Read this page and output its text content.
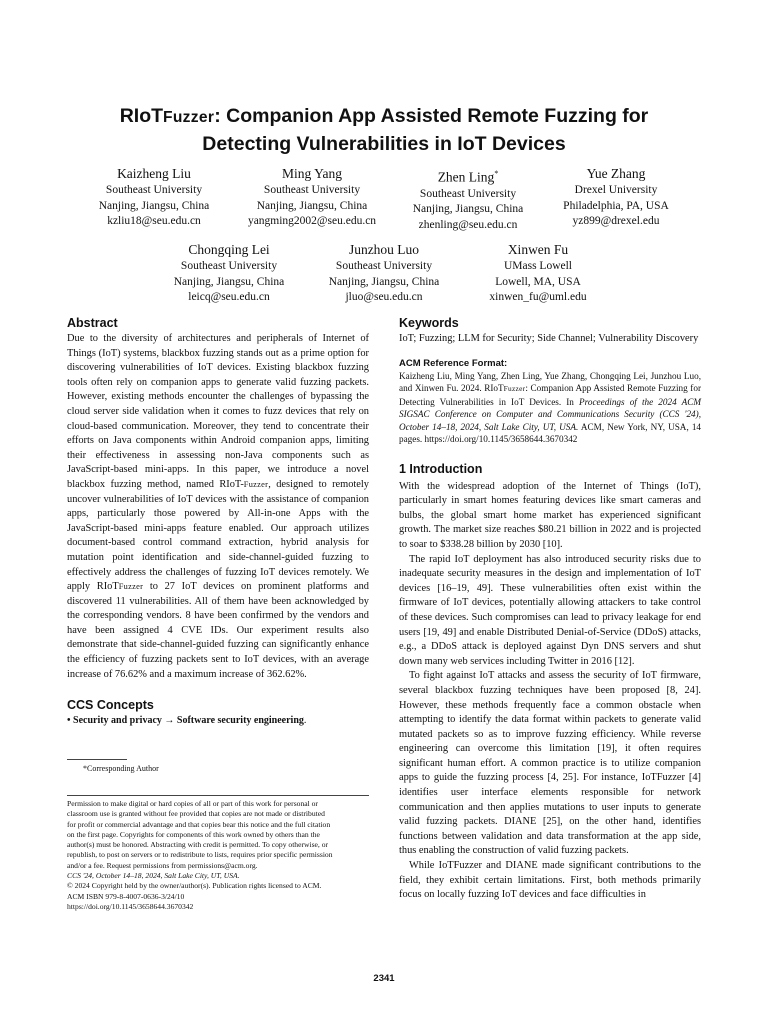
RIoTFuzzer: Companion App Assisted Remote Fuzzing for
Detecting Vulnerabilities in IoT Devices
Kaizheng Liu
Southeast University
Nanjing, Jiangsu, China
kzliu18@seu.edu.cn
Ming Yang
Southeast University
Nanjing, Jiangsu, China
yangming2002@seu.edu.cn
Zhen Ling*
Southeast University
Nanjing, Jiangsu, China
zhenling@seu.edu.cn
Yue Zhang
Drexel University
Philadelphia, PA, USA
yz899@drexel.edu
Chongqing Lei
Southeast University
Nanjing, Jiangsu, China
leicq@seu.edu.cn
Junzhou Luo
Southeast University
Nanjing, Jiangsu, China
jluo@seu.edu.cn
Xinwen Fu
UMass Lowell
Lowell, MA, USA
xinwen_fu@uml.edu
Abstract

Due to the diversity of architectures and peripherals of Internet of Things (IoT) systems, blackbox fuzzing stands out as a prime option for discovering vulnerabilities of IoT devices. Existing blackbox fuzzing tools often rely on companion apps to generate valid fuzzing packets. However, existing methods encounter the challenges of bypassing the cloud server side validation when it comes to fuzz devices that rely on cloud-based communication. Moreover, they tend to concentrate their efforts on Java components within Android companion apps, limiting their effectiveness in assessing non-Java components such as JavaScript-based mini-apps. In this paper, we introduce a novel blackbox fuzzing method, named RIoT-Fuzzer, designed to remotely uncover vulnerabilities of IoT devices with the assistance of companion apps, particularly those powered by All-in-one Apps with the JavaScript-based mini-apps feature enabled. Our approach utilizes document-based control command extraction, hybrid analysis for mutation point identification and side-channel-guided fuzzing to effectively address the challenges of fuzzing IoT devices remotely. We apply RIoTFuzzer to 27 IoT devices on prominent platforms and discovered 11 vulnerabilities. All of them have been acknowledged by the corresponding vendors. 8 have been confirmed by the vendors and have been assigned 4 CVE IDs. Our experiment results also demonstrate that side-channel-guided fuzzing can significantly enhance the efficiency of fuzzing packets sent to IoT devices, with an average increase of 76.62% and a maximum increase of 362.62%.

CCS Concepts

• Security and privacy → Software security engineering.

*Corresponding Author
Permission to make digital or hard copies of all or part of this work for personal or
classroom use is granted without fee provided that copies are not made or distributed
for profit or commercial advantage and that copies bear this notice and the full citation
on the first page. Copyrights for components of this work owned by others than the
author(s) must be honored. Abstracting with credit is permitted. To copy otherwise, or
republish, to post on servers or to redistribute to lists, requires prior specific permission
and/or a fee. Request permissions from permissions@acm.org.
CCS '24, October 14–18, 2024, Salt Lake City, UT, USA.
© 2024 Copyright held by the owner/author(s). Publication rights licensed to ACM.
ACM ISBN 979-8-4007-0636-3/24/10
https://doi.org/10.1145/3658644.3670342
Keywords

IoT; Fuzzing; LLM for Security; Side Channel; Vulnerability Discovery

ACM Reference Format:

Kaizheng Liu, Ming Yang, Zhen Ling, Yue Zhang, Chongqing Lei, Junzhou Luo, and Xinwen Fu. 2024. RIoTFuzzer: Companion App Assisted Remote Fuzzing for Detecting Vulnerabilities in IoT Devices. In Proceedings of the 2024 ACM SIGSAC Conference on Computer and Communications Security (CCS '24), October 14–18, 2024, Salt Lake City, UT, USA. ACM, New York, NY, USA, 14 pages. https://doi.org/10.1145/3658644.3670342

1 Introduction

With the widespread adoption of the Internet of Things (IoT), particularly in smart homes featuring devices like smart cameras and bulbs, the global smart home market has experienced significant growth. The market size reaches $80.21 billion in 2022 and is projected to soar to $338.28 billion by 2030 [10].

The rapid IoT deployment has also introduced security risks due to inadequate security measures in the design and implementation of IoT devices [16–19, 49]. These vulnerabilities often exist within the firmware of IoT devices, potentially allowing attackers to take control of these devices. Such compromises can lead to privacy leakage for end users [19, 49] and enable Distributed Denial-of-Service (DDoS) attacks, e.g., a DDoS attack is deployed against Dyn DNS servers and shut down many web services including Twitter in 2016 [12].

To fight against IoT attacks and assess the security of IoT firmware, several blackbox fuzzing techniques have been proposed [8, 24]. However, these methods frequently face a common obstacle when attempting to identify the data format within packets to generate valid mutated packets so as to improve fuzzing efficiency. While reverse engineering can overcome this limitation [19], it often requires significant human effort. A common practice is to utilize companion apps to guide the fuzzing process [4, 25]. For instance, IoTFuzzer [4] identifies user interface elements responsible for network communication and then applies mutations to user inputs to generate valid fuzzing packets. DIANE [25], on the other hand, identifies functions between validation and data transformation at the app side, thus enabling the construction of valid fuzzing packets.

While IoTFuzzer and DIANE made significant contributions to the field, they exhibit certain limitations. First, both methods primarily focus on locally fuzzing IoT devices and face difficulties in

2341
